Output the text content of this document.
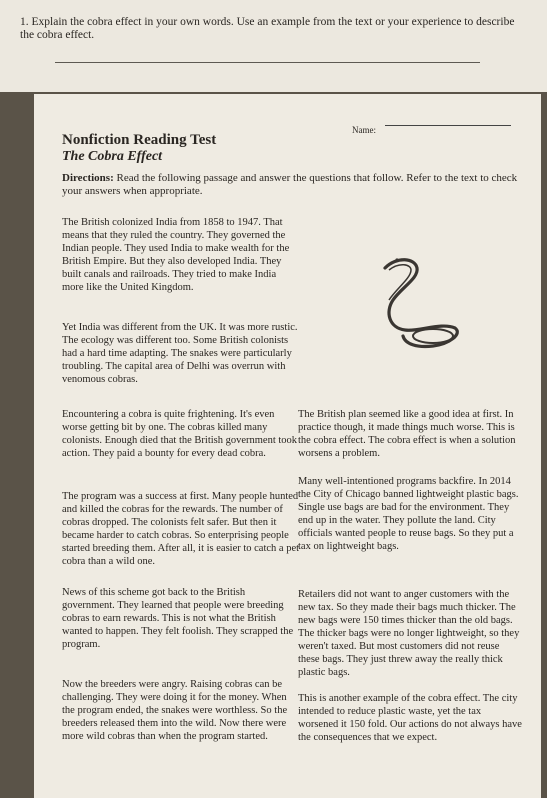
1. Explain the cobra effect in your own words. Use an example from the text or your experience to describe the cobra effect.
Name:
Nonfiction Reading Test
The Cobra Effect
Directions: Read the following passage and answer the questions that follow. Refer to the text to check your answers when appropriate.
The British colonized India from 1858 to 1947. That means that they ruled the country. They governed the Indian people. They used India to make wealth for the British Empire. But they also developed India. They built canals and railroads. They tried to make India more like the United Kingdom.
Yet India was different from the UK. It was more rustic. The ecology was different too. Some British colonists had a hard time adapting. The snakes were particularly troubling. The capital area of Delhi was overrun with venomous cobras.
Encountering a cobra is quite frightening. It's even worse getting bit by one. The cobras killed many colonists. Enough died that the British government took action. They paid a bounty for every dead cobra.
The program was a success at first. Many people hunted and killed the cobras for the rewards. The number of cobras dropped. The colonists felt safer. But then it became harder to catch cobras. So enterprising people started breeding them. After all, it is easier to catch a pet cobra than a wild one.
News of this scheme got back to the British government. They learned that people were breeding cobras to earn rewards. This is not what the British wanted to happen. They felt foolish. They scrapped the program.
Now the breeders were angry. Raising cobras can be challenging. They were doing it for the money. When the program ended, the snakes were worthless. So the breeders released them into the wild. Now there were more wild cobras than when the program started.
The British plan seemed like a good idea at first. In practice though, it made things much worse. This is the cobra effect. The cobra effect is when a solution worsens a problem.
Many well-intentioned programs backfire. In 2014 the City of Chicago banned lightweight plastic bags. Single use bags are bad for the environment. They end up in the water. They pollute the land. City officials wanted people to reuse bags. So they put a tax on lightweight bags.
Retailers did not want to anger customers with the new tax. So they made their bags much thicker. The new bags were 150 times thicker than the old bags. The thicker bags were no longer lightweight, so they weren't taxed. But most customers did not reuse these bags. They just threw away the really thick plastic bags.
This is another example of the cobra effect. The city intended to reduce plastic waste, yet the tax worsened it 150 fold. Our actions do not always have the consequences that we expect.
